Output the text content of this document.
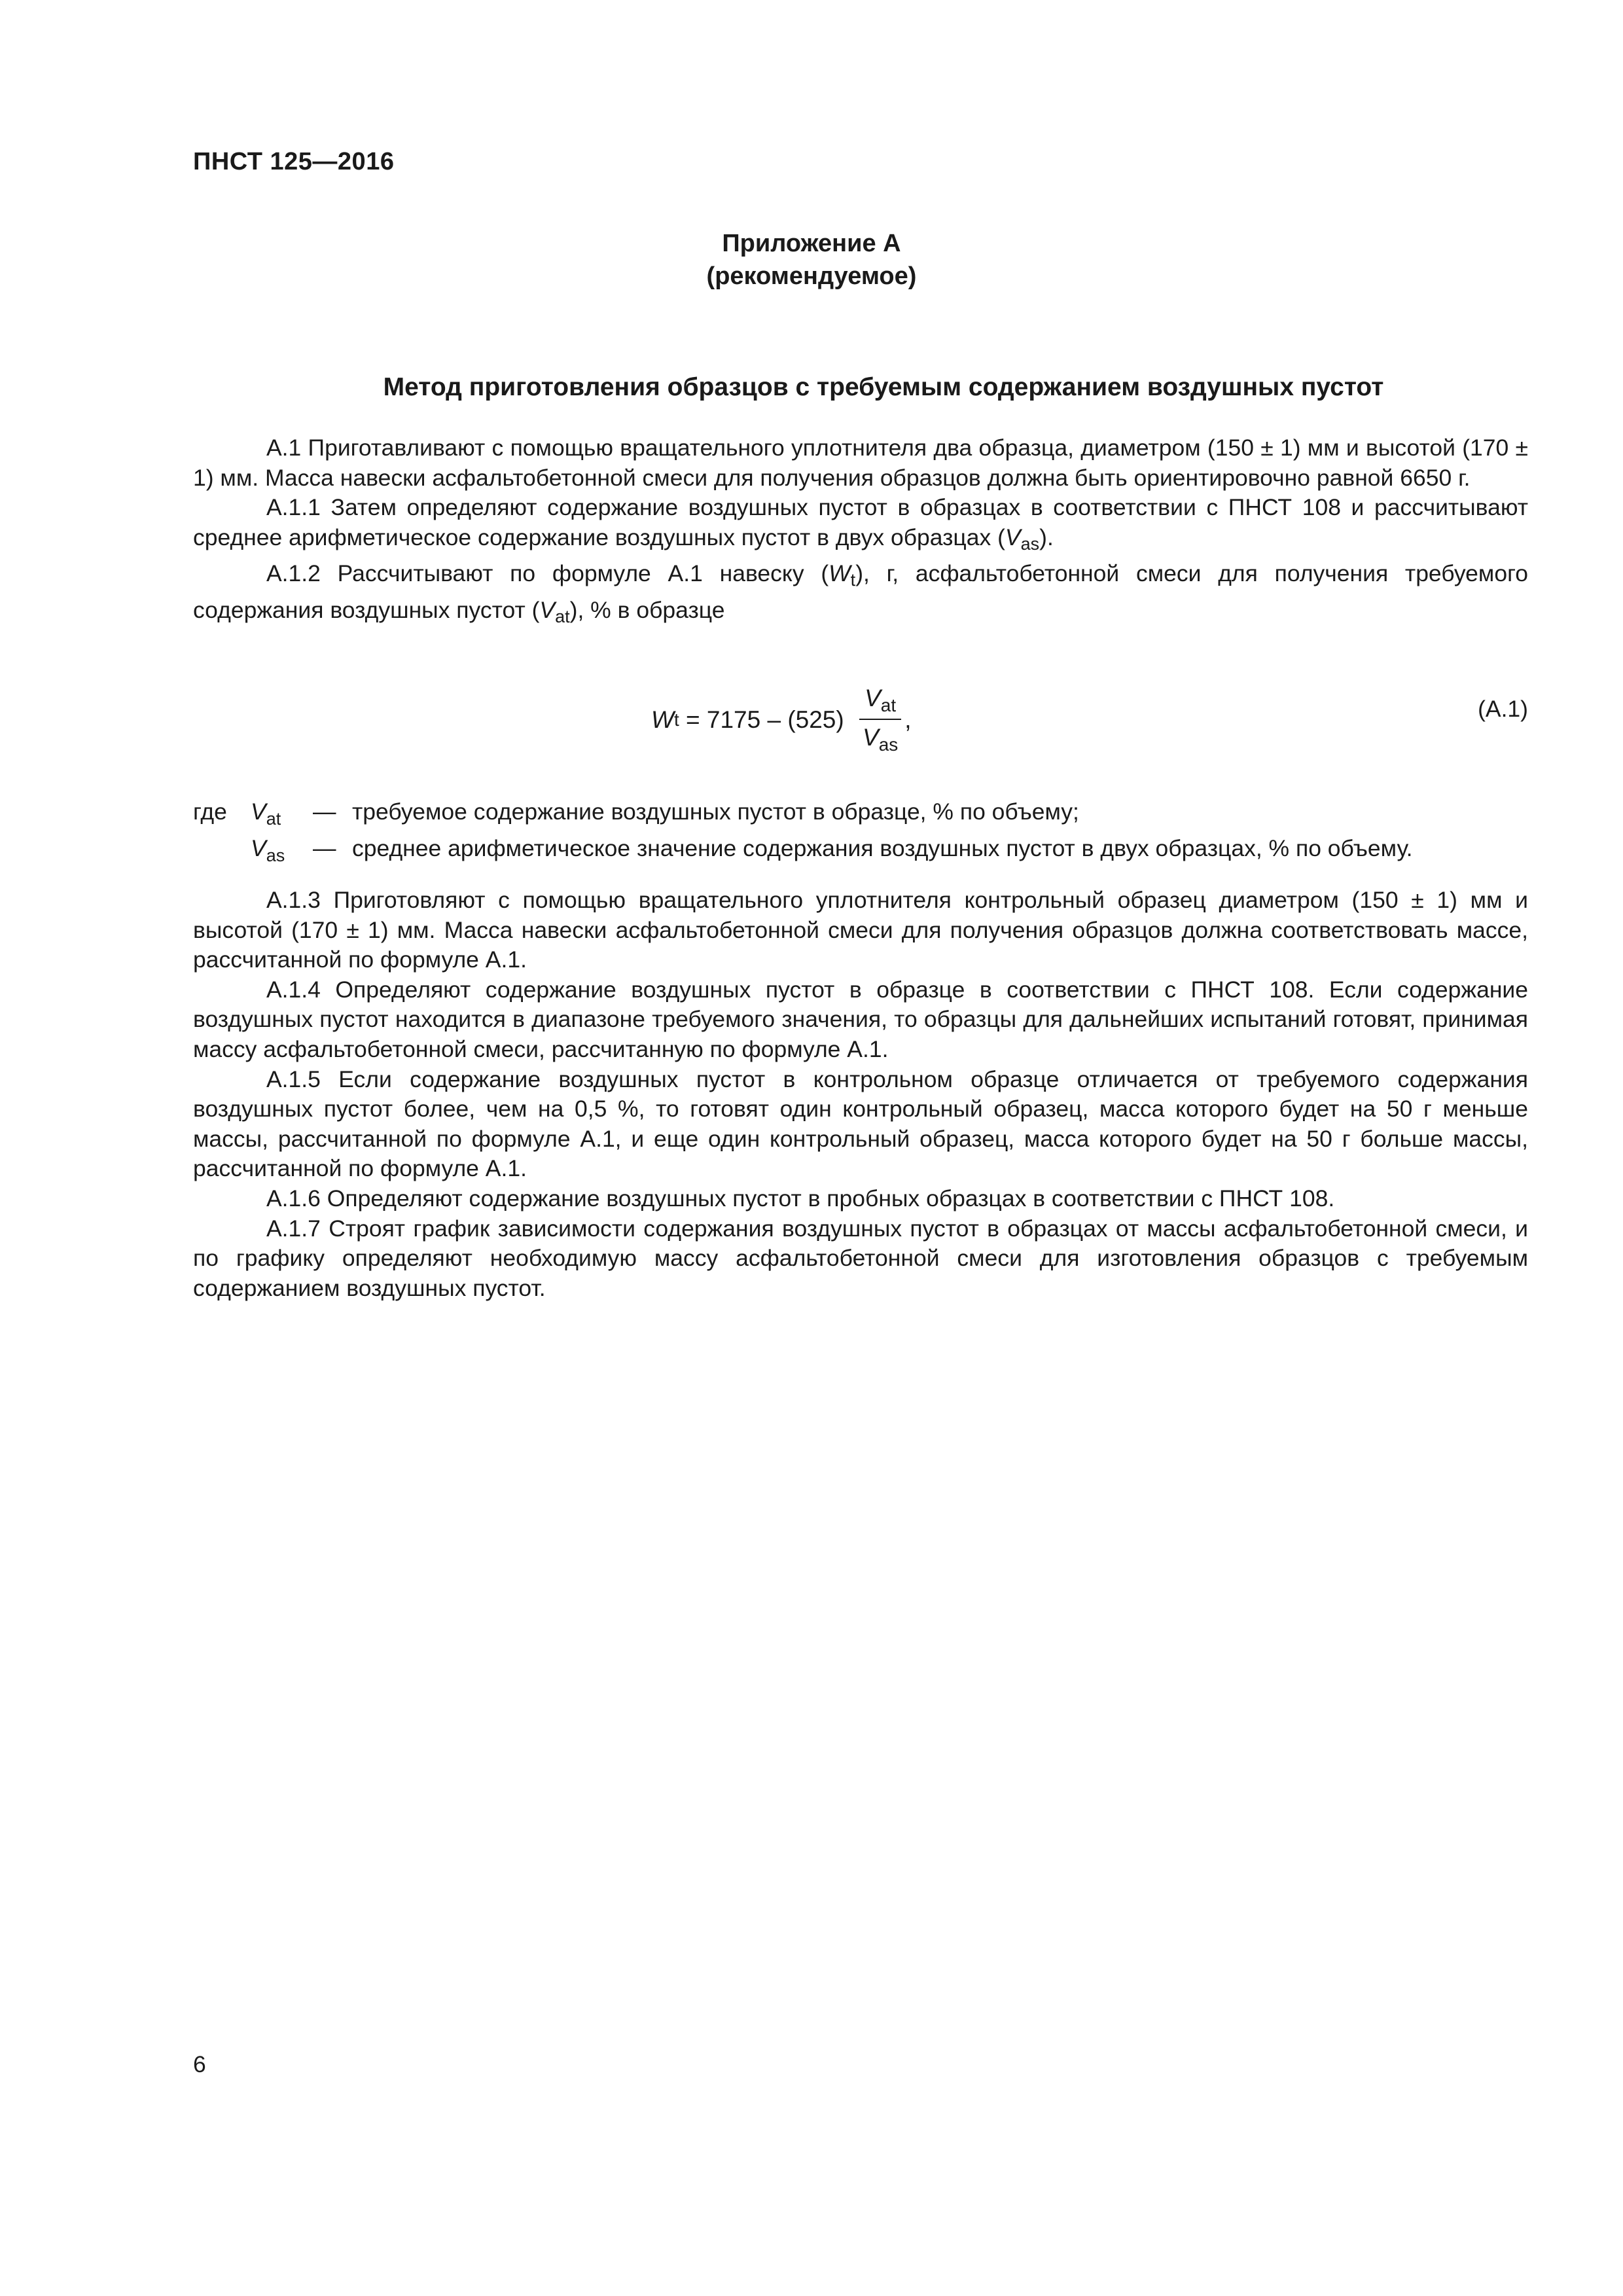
ПНСТ 125—2016
Приложение А
(рекомендуемое)
Метод приготовления образцов с требуемым содержанием воздушных пустот

А.1 Приготавливают с помощью вращательного уплотнителя два образца, диаметром (150 ± 1) мм и высотой (170 ± 1) мм. Масса навески асфальтобетонной смеси для получения образцов должна быть ориентировочно равной 6650 г.

А.1.1 Затем определяют содержание воздушных пустот в образцах в соответствии с ПНСТ 108 и рассчитывают среднее арифметическое содержание воздушных пустот в двух образцах $(V_{as})$.

А.1.2 Рассчитывают по формуле А.1 навеску $(W_t)$, г, асфальтобетонной смеси для получения требуемого содержания воздушных пустот $(V_{at})$, % в образце

W $t = 7175 - (525) \frac{V_{at}}{V_{as}}$ ,	(А.1)
где	$V_{at}$	— требуемое содержание воздушных пустот в образце, % по объему;
$V_{as}$	— среднее арифметическое значение содержания воздушных пустот в двух образцах, % по объему.

А.1.3 Приготовляют с помощью вращательного уплотнителя контрольный образец диаметром (150 ± 1) мм и высотой (170 ± 1) мм. Масса навески асфальтобетонной смеси для получения образцов должна соответствовать массе, рассчитанной по формуле А.1.

А.1.4 Определяют содержание воздушных пустот в образце в соответствии с ПНСТ 108. Если содержание воздушных пустот находится в диапазоне требуемого значения, то образцы для дальнейших испытаний готовят, принимая массу асфальтобетонной смеси, рассчитанную по формуле А.1.

А.1.5 Если содержание воздушных пустот в контрольном образце отличается от требуемого содержания воздушных пустот более, чем на 0,5 %, то готовят один контрольный образец, масса которого будет на 50 г меньше массы, рассчитанной по формуле А.1, и еще один контрольный образец, масса которого будет на 50 г больше массы, рассчитанной по формуле А.1.

А.1.6 Определяют содержание воздушных пустот в пробных образцах в соответствии с ПНСТ 108.

А.1.7 Строят график зависимости содержания воздушных пустот в образцах от массы асфальтобетонной смеси, и по графику определяют необходимую массу асфальтобетонной смеси для изготовления образцов с требуемым содержанием воздушных пустот.

6
